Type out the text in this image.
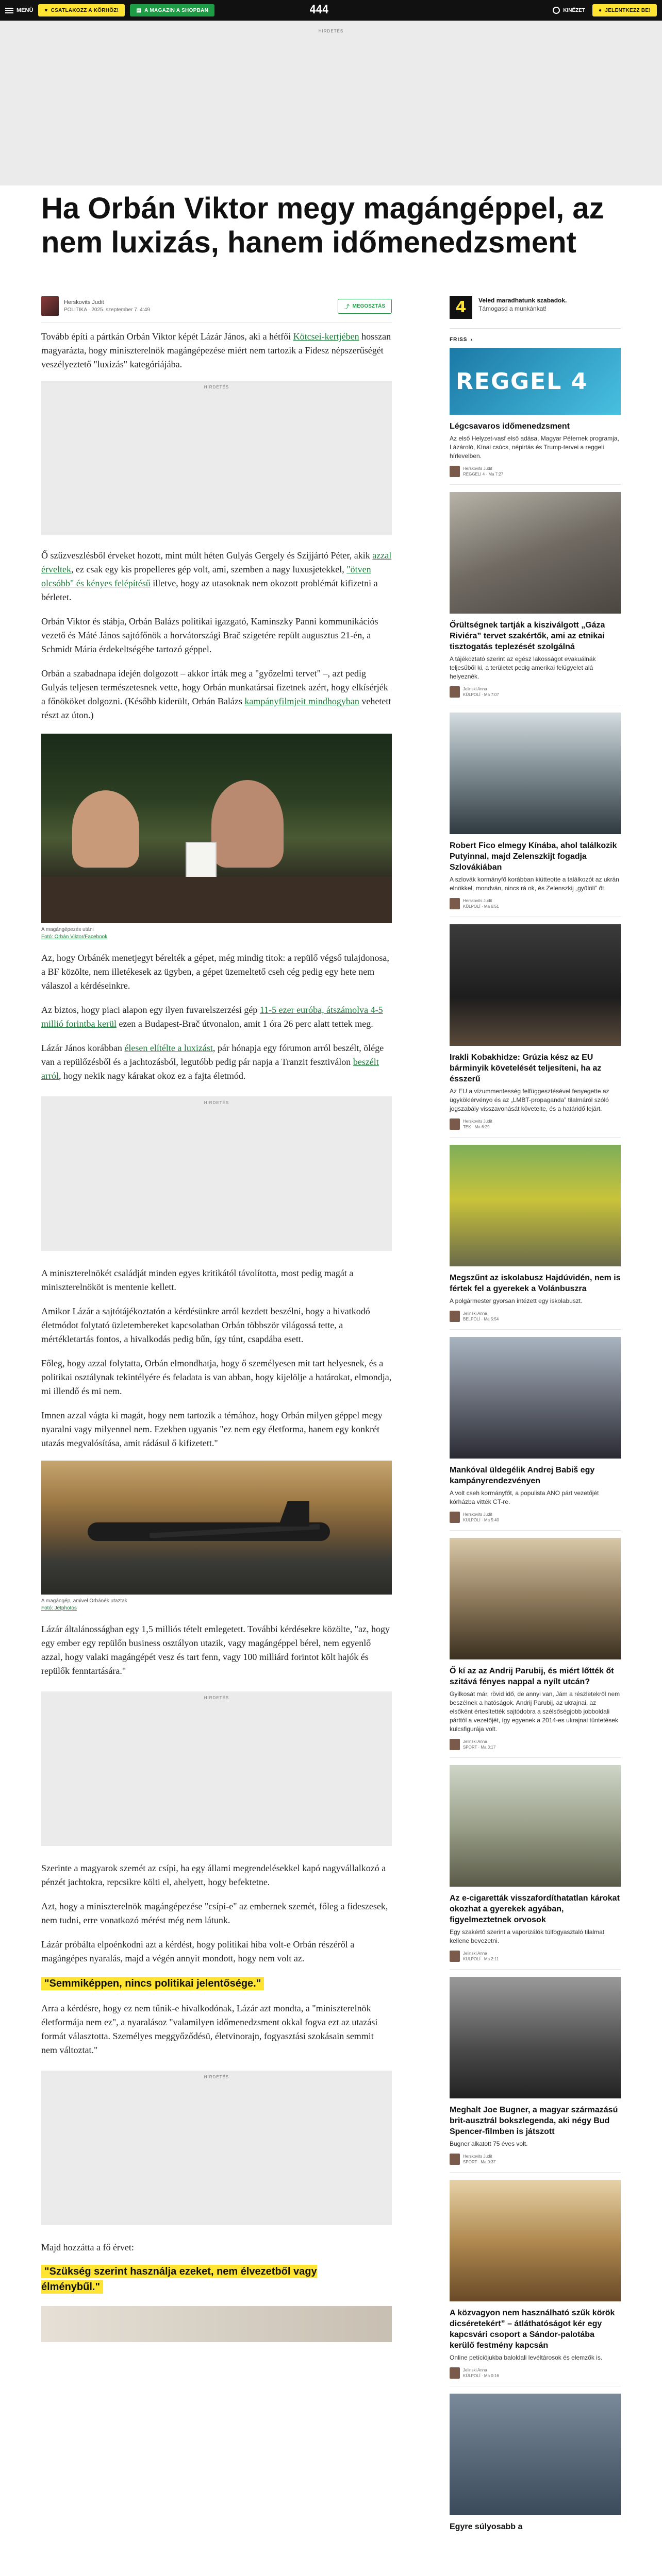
MENÜ ♥ CSATLAKOZZ A KÖRHÖZ!	▤ A MAGAZIN A SHOPBAN	444	KINÉZET	● JELENTKEZZ BE!
HIRDETÉS
Ha Orbán Viktor megy magángéppel, az nem luxizás, hanem időmenedzsment
Herskovits Judit
POLITIKA · 2025. szeptember 7. 4:49	⤴ MEGOSZTÁS

Tovább építi a pártkán Orbán Viktor képét Lázár János, aki a hétfői Kötcsei-kertjében hosszan magyarázta, hogy miniszterelnök magángépezése miért nem tartozik a Fidesz népszerűségét veszélyeztető "luxizás" kategóriájába.

HIRDETÉS

Ő szűzveszlésből érveket hozott, mint múlt héten Gulyás Gergely és Szijjártó Péter, akik azzal érveltek, ez csak egy kis propelleres gép volt, ami, szemben a nagy luxusjetekkel, "ötven olcsóbb" és kényes felépítésű illetve, hogy az utasoknak nem okozott problémát kifizetni a bérletet.

Orbán Viktor és stábja, Orbán Balázs politikai igazgató, Kaminszky Panni kommunikációs vezető és Máté János sajtófőnök a horvátországi Brač szigetére repült augusztus 21-én, a Schmidt Mária érdekeltségébe tartozó géppel.

Orbán a szabadnapa idején dolgozott – akkor írták meg a "győzelmi tervet" –, azt pedig Gulyás teljesen természetesnek vette, hogy Orbán munkatársai fizetnek azért, hogy elkísérjék a főnököket dolgozni. (Később kiderült, Orbán Balázs kampányfilmjeit mindhogyban vehetett részt az úton.)

A magángépezés utáni
Fotó: Orbán Viktor/Facebook

Az, hogy Orbánék menetjegyt bérelték a gépet, még mindig titok: a repülő végső tulajdonosa, a BF közölte, nem illetékesek az ügyben, a gépet üzemeltető cseh cég pedig egy hete nem válaszol a kérdéseinkre.

Az biztos, hogy piaci alapon egy ilyen fuvarelszerzési gép 11-5 ezer euróba, átszámolva 4-5 millió forintba kerül ezen a Budapest-Brač útvonalon, amit 1 óra 26 perc alatt tettek meg.

Lázár János korábban élesen elítélte a luxizást, pár hónapja egy fórumon arról beszélt, ölége van a repülőzésből és a jachtozásból, legutóbb pedig pár napja a Tranzit fesztiválon beszélt arról, hogy nekik nagy kárakat okoz ez a fajta életmód.

HIRDETÉS

A miniszterelnökét családját minden egyes kritikától távolította, most pedig magát a miniszterelnököt is mentenie kellett.

Amikor Lázár a sajtótájékoztatón a kérdésünkre arról kezdett beszélni, hogy a hivatkodó életmódot folytató üzletembereket kapcsolatban Orbán többször világossá tette, a mértékletartás fontos, a hivalkodás pedig bűn, így túnt, csapdába esett.

Főleg, hogy azzal folytatta, Orbán elmondhatja, hogy ő személyesen mit tart helyesnek, és a politikai osztálynak tekintélyére és feladata is van abban, hogy kijelölje a határokat, elmondja, mi illendő és mi nem.

Imnen azzal vágta ki magát, hogy nem tartozik a témához, hogy Orbán milyen géppel megy nyaralni vagy milyennel nem. Ezekben ugyanis "ez nem egy életforma, hanem egy konkrét utazás megvalósítása, amit rádásul ő kifizetett."

A magángép, amivel Orbánék utaztak
Fotó: Jetphotos

Lázár általánosságban egy 1,5 milliós tételt emlegetett. További kérdésekre közölte, "az, hogy egy ember egy repülőn business osztályon utazik, vagy magángéppel bérel, nem egyenlő azzal, hogy valaki magángépét vesz és tart fenn, vagy 100 milliárd forintot költ hajók és repülők fenntartására."

HIRDETÉS

Szerinte a magyarok szemét az csípi, ha egy állami megrendelésekkel kapó nagyvállalkozó a pénzét jachtokra, repcsikre költi el, ahelyett, hogy befektetne.

Azt, hogy a miniszterelnök magángépezése "csípi-e" az embernek szemét, főleg a fideszesek, nem tudni, erre vonatkozó mérést még nem látunk.

Lázár próbálta elpoénkodni azt a kérdést, hogy politikai hiba volt-e Orbán részéről a magángépes nyaralás, majd a végén annyit mondott, hogy nem volt az.

"Semmiképpen, nincs politikai jelentősége."

Arra a kérdésre, hogy ez nem tűnik-e hivalkodónak, Lázár azt mondta, a "miniszterelnök életformája nem ez", a nyaralásoz "valamilyen időmenedzsment okkal fogva ezt az utazási formát választotta. Személyes meggyőződésü, életvinorajn, fogyasztási szokásain semmit nem változtat."

HIRDETÉS

Majd hozzátta a fő érvet:

"Szükség szerint használja ezeket, nem élvezetből vagy élménybűl."
4	Veled maradhatunk szabadok.
Támogasd a munkánkat!
FRISS ›
REGGEL 4
Légcsavaros időmenedzsment
Az első Helyzet-vasf első adása, Magyar Péternek programja, Lázároló, Kínai csúcs, népirtás és Trump-tervei a reggeli hírlevelben.
Herskovits Judit
REGGELI 4 · Ma 7:27
Őrültségnek tartják a kisziválgott „Gáza Riviéra” tervet szakértők, ami az etnikai tisztogatás teplezését szolgálná
A tájékoztató szerint az egész lakosságot evakuálnák teljesüből ki, a területet pedig amerikai felügyelet alá helyeznék.
Jelinski Anna
KÜLPOLÍ · Ma 7:07
Robert Fico elmegy Kínába, ahol találkozik Putyinnal, majd Zelenszkijt fogadja Szlovákiában
A szlovák kormányfő korábban kiütteotte a találkozót az ukrán elnökkel, mondván, nincs rá ok, és Zelenszkij „gyűlöli” őt.
Herskovits Judit
KÜLPOLÍ · Ma 6:51
Irakli Kobakhidze: Grúzia kész az EU bárminyik követelését teljesíteni, ha az ésszerű
Az EU a vízummentesség felfüggesztésével fenyegette az ügyköklérvényo és az „LMBT-propaganda” tilalmáról szóló jogszabály visszavonását követelte, és a határidő lejárt.
Herskovits Judit
TEK · Ma 6:29
Megszűnt az iskolabusz Hajdúvidén, nem is fértek fel a gyerekek a Volánbuszra
A polgármester gyorsan intézett egy iskolabuszt.
Jelinski Anna
BELPOLÍ · Ma 5:54
Mankóval üldegélik Andrej Babiš egy kampányrendezvényen
A volt cseh kormányfőt, a populista ANO párt vezetőjét kórházba vitték CT-re.
Herskovits Judit
KÜLPOLÍ · Ma 5:40
Ő kí az az Andrij Parubij, és miért lőtték őt szitává fényes nappal a nyílt utcán?
Gyilkosát már, rövid idő, de annyi van, Jám a részletekről nem beszélnek a hatóságok. Andrij Parubij, az ukrajnai, az elsőként értesítették sajtódobra a szélsőségjobb jobboldali párttól a vezetőjét, így egyenek a 2014-es ukrajnai tüntetések kulcsfigurája volt.
Jelinski Anna
SPORT · Ma 3:17
Az e-cigaretták visszafordíthatatlan károkat okozhat a gyerekek agyában, figyelmeztetnek orvosok
Egy szakértő szerint a vaporizálók túlfogyasztaló tilalmat kellene bevezetni.
Jelinski Anna
KÜLPOLÍ · Ma 2:11
Meghalt Joe Bugner, a magyar származású brit-ausztrál bokszlegenda, aki négy Bud Spencer-filmben is játszott
Bugner alkatott 75 éves volt.
Herskovits Judit
SPORT · Ma 0:37
A közvagyon nem használható szűk körök dicséretekért” – átláthatóságot kér egy kapcsvári csoport a Sándor-palotába kerülő festmény kapcsán
Online petíciójukba baloldali levéltárosok és elemzők is.
Jelinski Anna
KÜLPOLÍ · Ma 0:16
Egyre súlyosabb a
